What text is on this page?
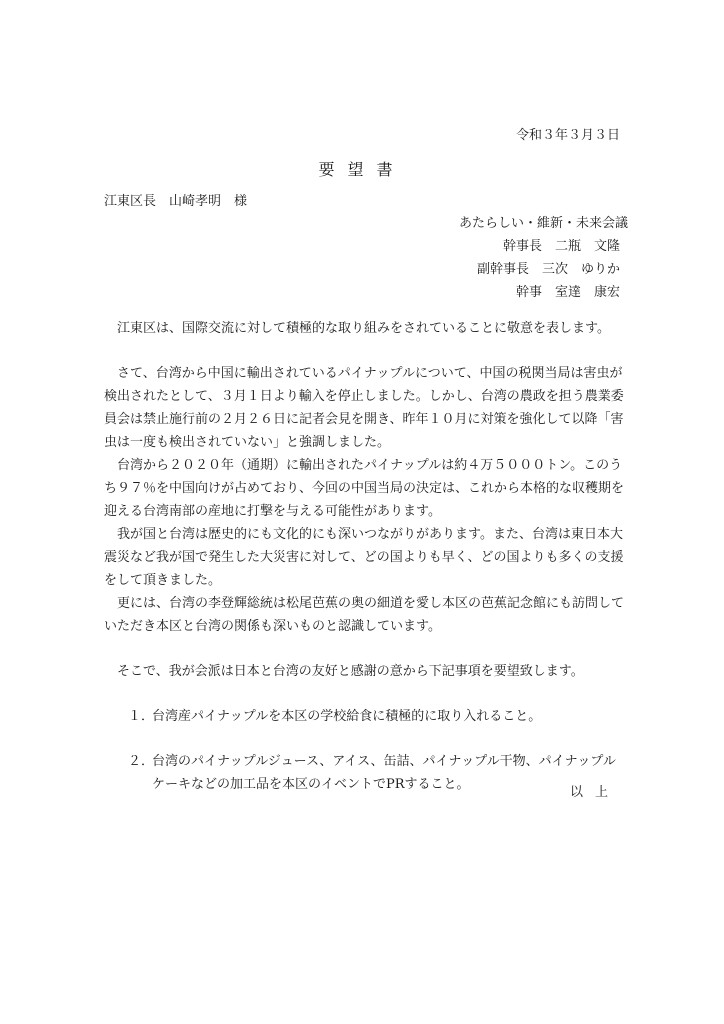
令和３年３月３日
要望書
江東区長　山崎孝明　様
あたらしい・維新・未来会議
幹事長　二瓶　文隆
副幹事長　三次　ゆりか
幹事　室達　康宏

江東区は、国際交流に対して積極的な取り組みをされていることに敬意を表します。

さて、台湾から中国に輸出されているパイナップルについて、中国の税関当局は害虫が検出されたとして、３月１日より輸入を停止しました。しかし、台湾の農政を担う農業委員会は禁止施行前の２月２６日に記者会見を開き、昨年１０月に対策を強化して以降「害虫は一度も検出されていない」と強調しました。

台湾から２０２０年（通期）に輸出されたパイナップルは約４万５０００トン。このうち９７％を中国向けが占めており、今回の中国当局の決定は、これから本格的な収穫期を迎える台湾南部の産地に打撃を与える可能性があります。

我が国と台湾は歴史的にも文化的にも深いつながりがあります。また、台湾は東日本大震災など我が国で発生した大災害に対して、どの国よりも早く、どの国よりも多くの支援をして頂きました。

更には、台湾の李登輝総統は松尾芭蕉の奥の細道を愛し本区の芭蕉記念館にも訪問していただき本区と台湾の関係も深いものと認識しています。

そこで、我が会派は日本と台湾の友好と感謝の意から下記事項を要望致します。

１．
台湾産パイナップルを本区の学校給食に積極的に取り入れること。
２．
台湾のパイナップルジュース、アイス、缶詰、パイナップル干物、パイナップルケーキなどの加工品を本区のイベントでPRすること。
以上
